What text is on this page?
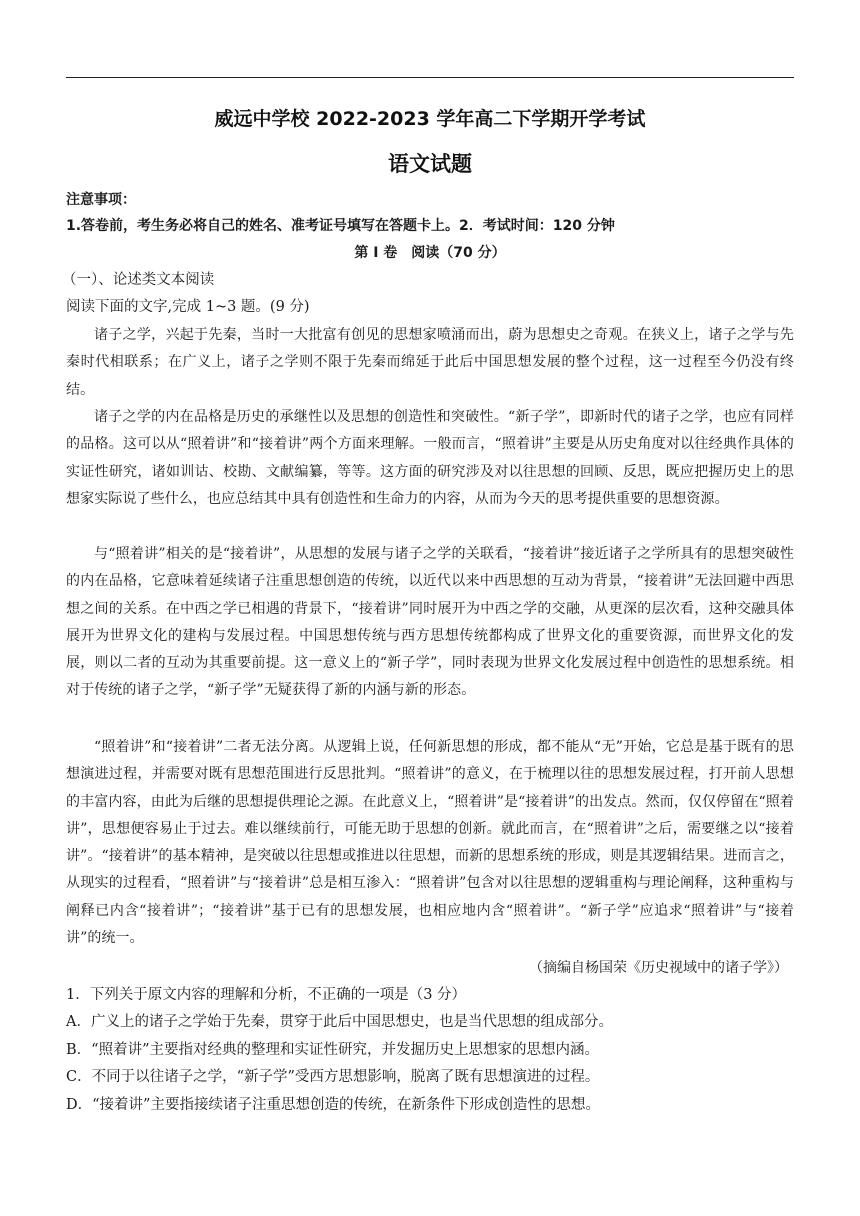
威远中学校 2022-2023 学年高二下学期开学考试
语文试题
注意事项：
1.答卷前，考生务必将自己的姓名、准考证号填写在答题卡上。2．考试时间：120 分钟
第 I 卷　阅读（70 分）
（一）、论述类文本阅读
阅读下面的文字,完成 1~3 题。(9 分)
诸子之学，兴起于先秦，当时一大批富有创见的思想家喷涌而出，蔚为思想史之奇观。在狭义上，诸子之学与先秦时代相联系；在广义上，诸子之学则不限于先秦而绵延于此后中国思想发展的整个过程，这一过程至今仍没有终结。
诸子之学的内在品格是历史的承继性以及思想的创造性和突破性。“新子学”，即新时代的诸子之学，也应有同样的品格。这可以从“照着讲”和“接着讲”两个方面来理解。一般而言，“照着讲”主要是从历史角度对以往经典作具体的实证性研究，诸如训诂、校勘、文献编纂，等等。这方面的研究涉及对以往思想的回顾、反思，既应把握历史上的思想家实际说了些什么，也应总结其中具有创造性和生命力的内容，从而为今天的思考提供重要的思想资源。
与“照着讲”相关的是“接着讲”，从思想的发展与诸子之学的关联看，“接着讲”接近诸子之学所具有的思想突破性的内在品格，它意味着延续诸子注重思想创造的传统，以近代以来中西思想的互动为背景，“接着讲”无法回避中西思想之间的关系。在中西之学已相遇的背景下，“接着讲”同时展开为中西之学的交融，从更深的层次看，这种交融具体展开为世界文化的建构与发展过程。中国思想传统与西方思想传统都构成了世界文化的重要资源，而世界文化的发展，则以二者的互动为其重要前提。这一意义上的“新子学”，同时表现为世界文化发展过程中创造性的思想系统。相对于传统的诸子之学，“新子学”无疑获得了新的内涵与新的形态。
“照着讲”和“接着讲”二者无法分离。从逻辑上说，任何新思想的形成，都不能从“无”开始，它总是基于既有的思想演进过程，并需要对既有思想范围进行反思批判。“照着讲”的意义，在于梳理以往的思想发展过程，打开前人思想的丰富内容，由此为后继的思想提供理论之源。在此意义上，“照着讲”是“接着讲”的出发点。然而，仅仅停留在“照着讲”，思想便容易止于过去。难以继续前行，可能无助于思想的创新。就此而言，在“照着讲”之后，需要继之以“接着讲”。“接着讲”的基本精神，是突破以往思想或推进以往思想，而新的思想系统的形成，则是其逻辑结果。进而言之，从现实的过程看，“照着讲”与“接着讲”总是相互渗入：“照着讲”包含对以往思想的逻辑重构与理论阐释，这种重构与阐释已内含“接着讲”；“接着讲”基于已有的思想发展，也相应地内含“照着讲”。“新子学”应追求“照着讲”与“接着讲”的统一。
（摘编自杨国荣《历史视域中的诸子学》）
1．下列关于原文内容的理解和分析，不正确的一项是（3 分）
A．广义上的诸子之学始于先秦，贯穿于此后中国思想史，也是当代思想的组成部分。
B．“照着讲”主要指对经典的整理和实证性研究，并发掘历史上思想家的思想内涵。
C．不同于以往诸子之学，“新子学”受西方思想影响，脱离了既有思想演进的过程。
D．“接着讲”主要指接续诸子注重思想创造的传统，在新条件下形成创造性的思想。
